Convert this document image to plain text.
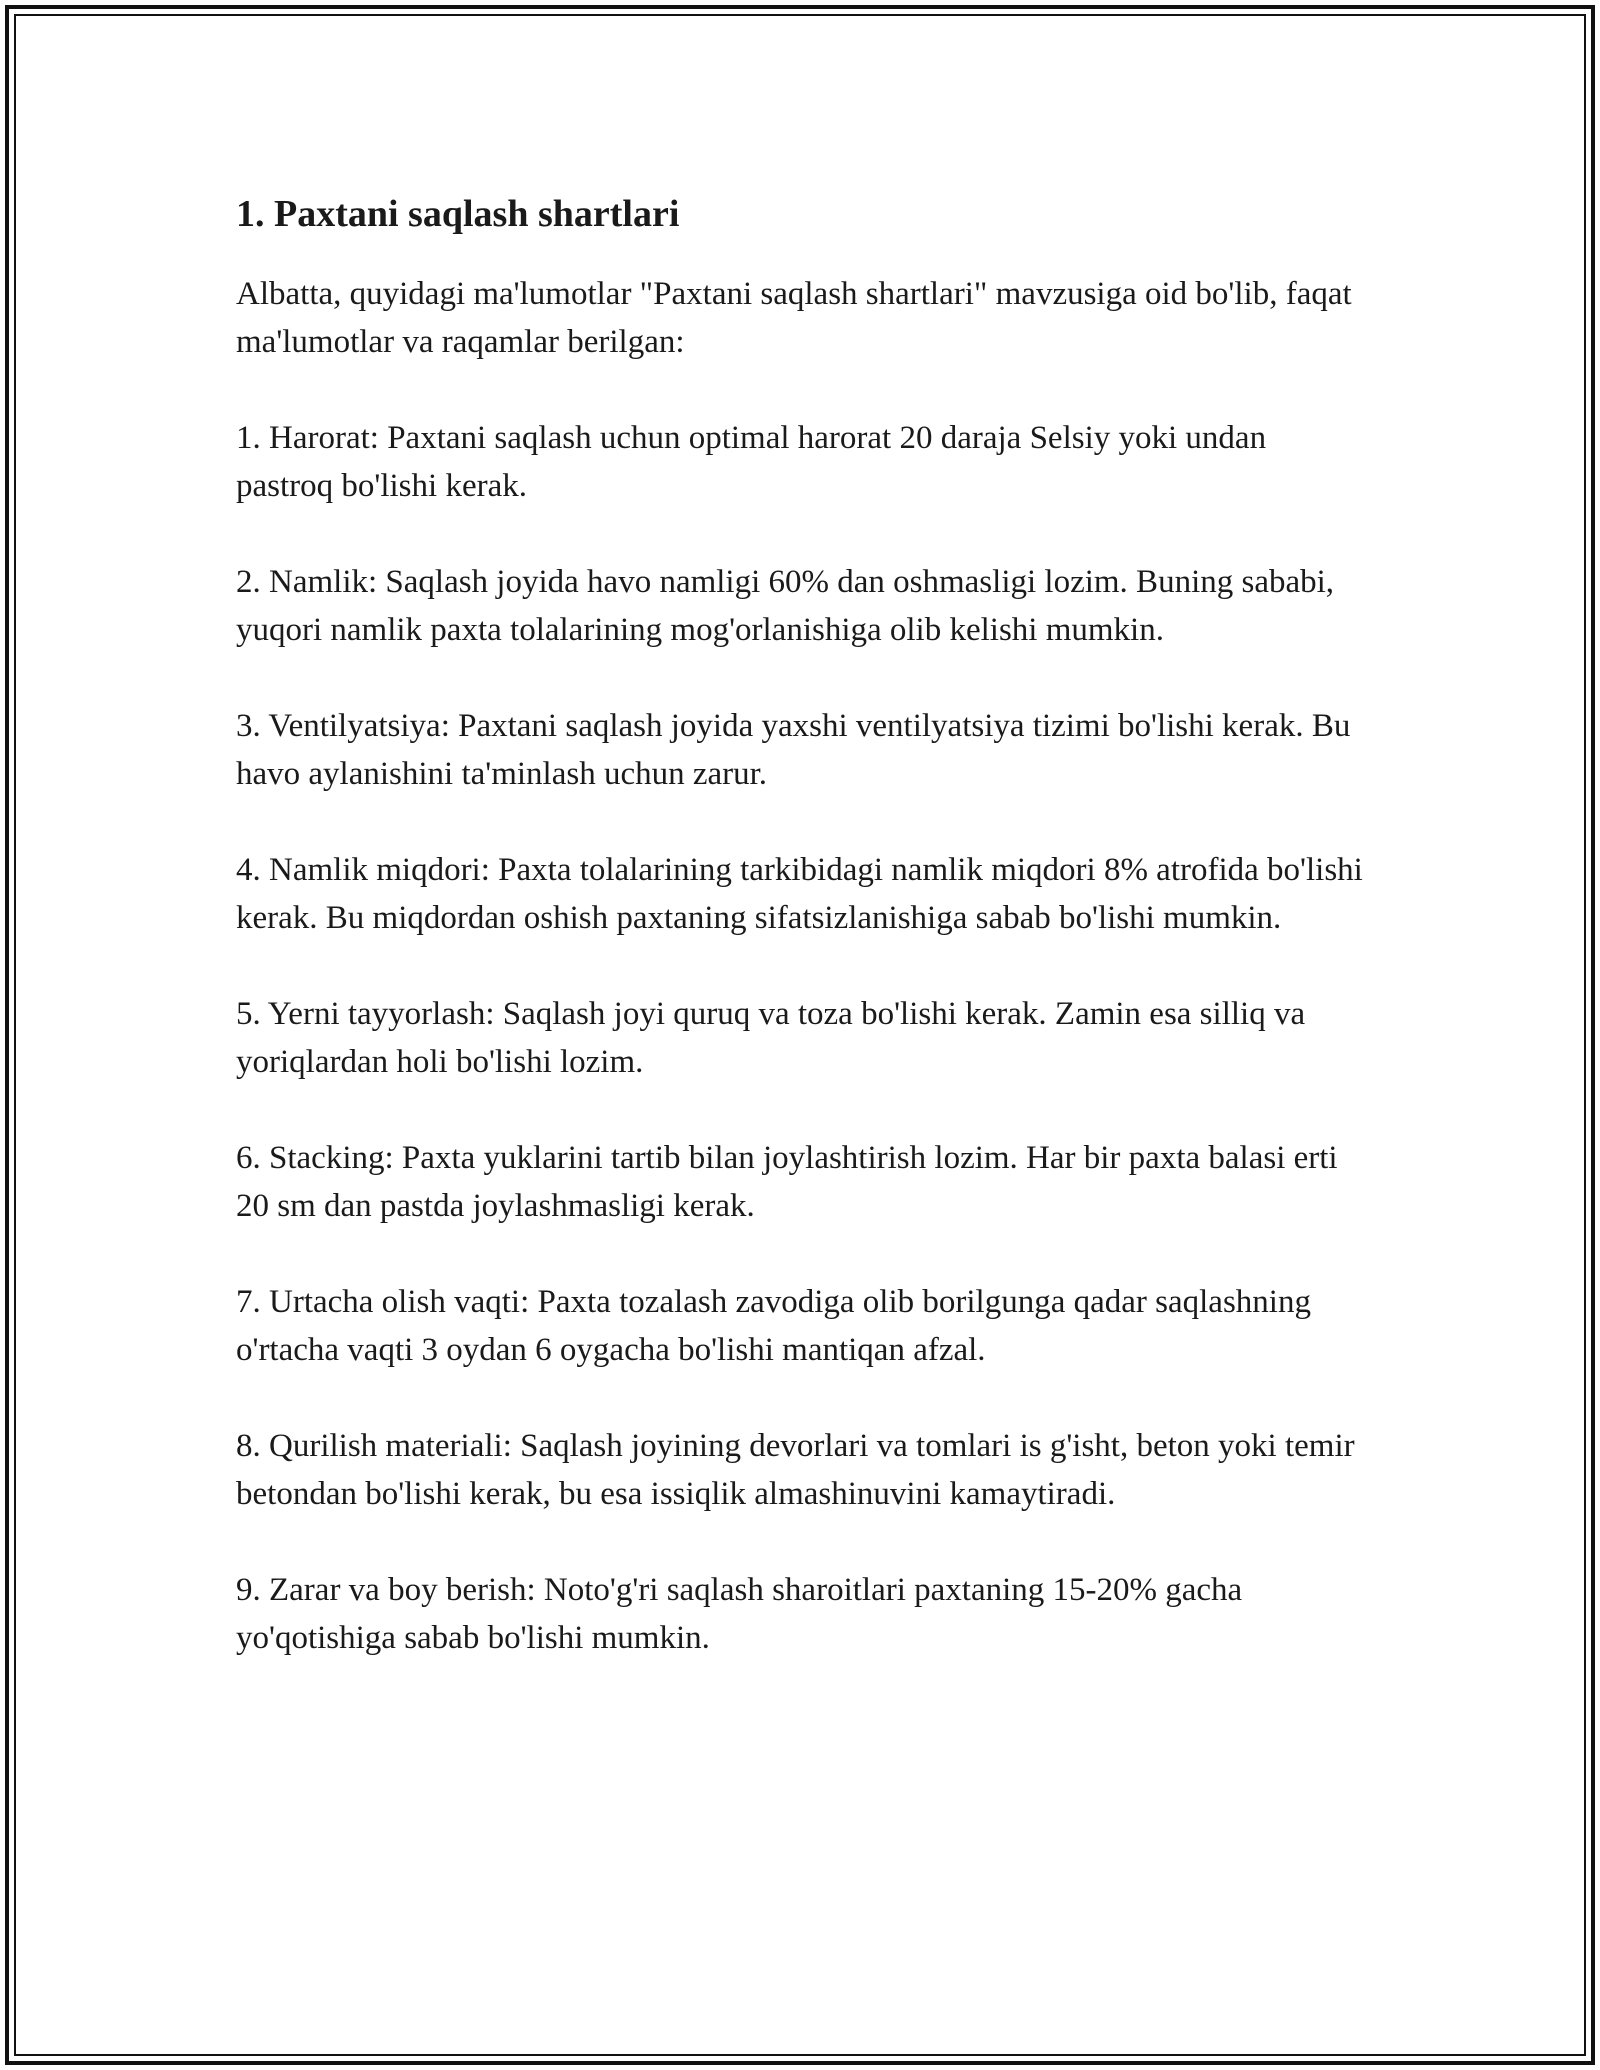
1. Paxtani saqlash shartlari

Albatta, quyidagi ma'lumotlar "Paxtani saqlash shartlari" mavzusiga oid bo'lib, faqat ma'lumotlar va raqamlar berilgan:

1. Harorat: Paxtani saqlash uchun optimal harorat 20 daraja Selsiy yoki undan pastroq bo'lishi kerak.

2. Namlik: Saqlash joyida havo namligi 60% dan oshmasligi lozim. Buning sababi, yuqori namlik paxta tolalarining mog'orlanishiga olib kelishi mumkin.

3. Ventilyatsiya: Paxtani saqlash joyida yaxshi ventilyatsiya tizimi bo'lishi kerak. Bu havo aylanishini ta'minlash uchun zarur.

4. Namlik miqdori: Paxta tolalarining tarkibidagi namlik miqdori 8% atrofida bo'lishi kerak. Bu miqdordan oshish paxtaning sifatsizlanishiga sabab bo'lishi mumkin.

5. Yerni tayyorlash: Saqlash joyi quruq va toza bo'lishi kerak. Zamin esa silliq va yoriqlardan holi bo'lishi lozim.

6. Stacking: Paxta yuklarini tartib bilan joylashtirish lozim. Har bir paxta balasi erti 20 sm dan pastda joylashmasligi kerak.

7. Urtacha olish vaqti: Paxta tozalash zavodiga olib borilgunga qadar saqlashning o'rtacha vaqti 3 oydan 6 oygacha bo'lishi mantiqan afzal.

8. Qurilish materiali: Saqlash joyining devorlari va tomlari is g'isht, beton yoki temir betondan bo'lishi kerak, bu esa issiqlik almashinuvini kamaytiradi.

9. Zarar va boy berish: Noto'g'ri saqlash sharoitlari paxtaning 15-20% gacha yo'qotishiga sabab bo'lishi mumkin.
